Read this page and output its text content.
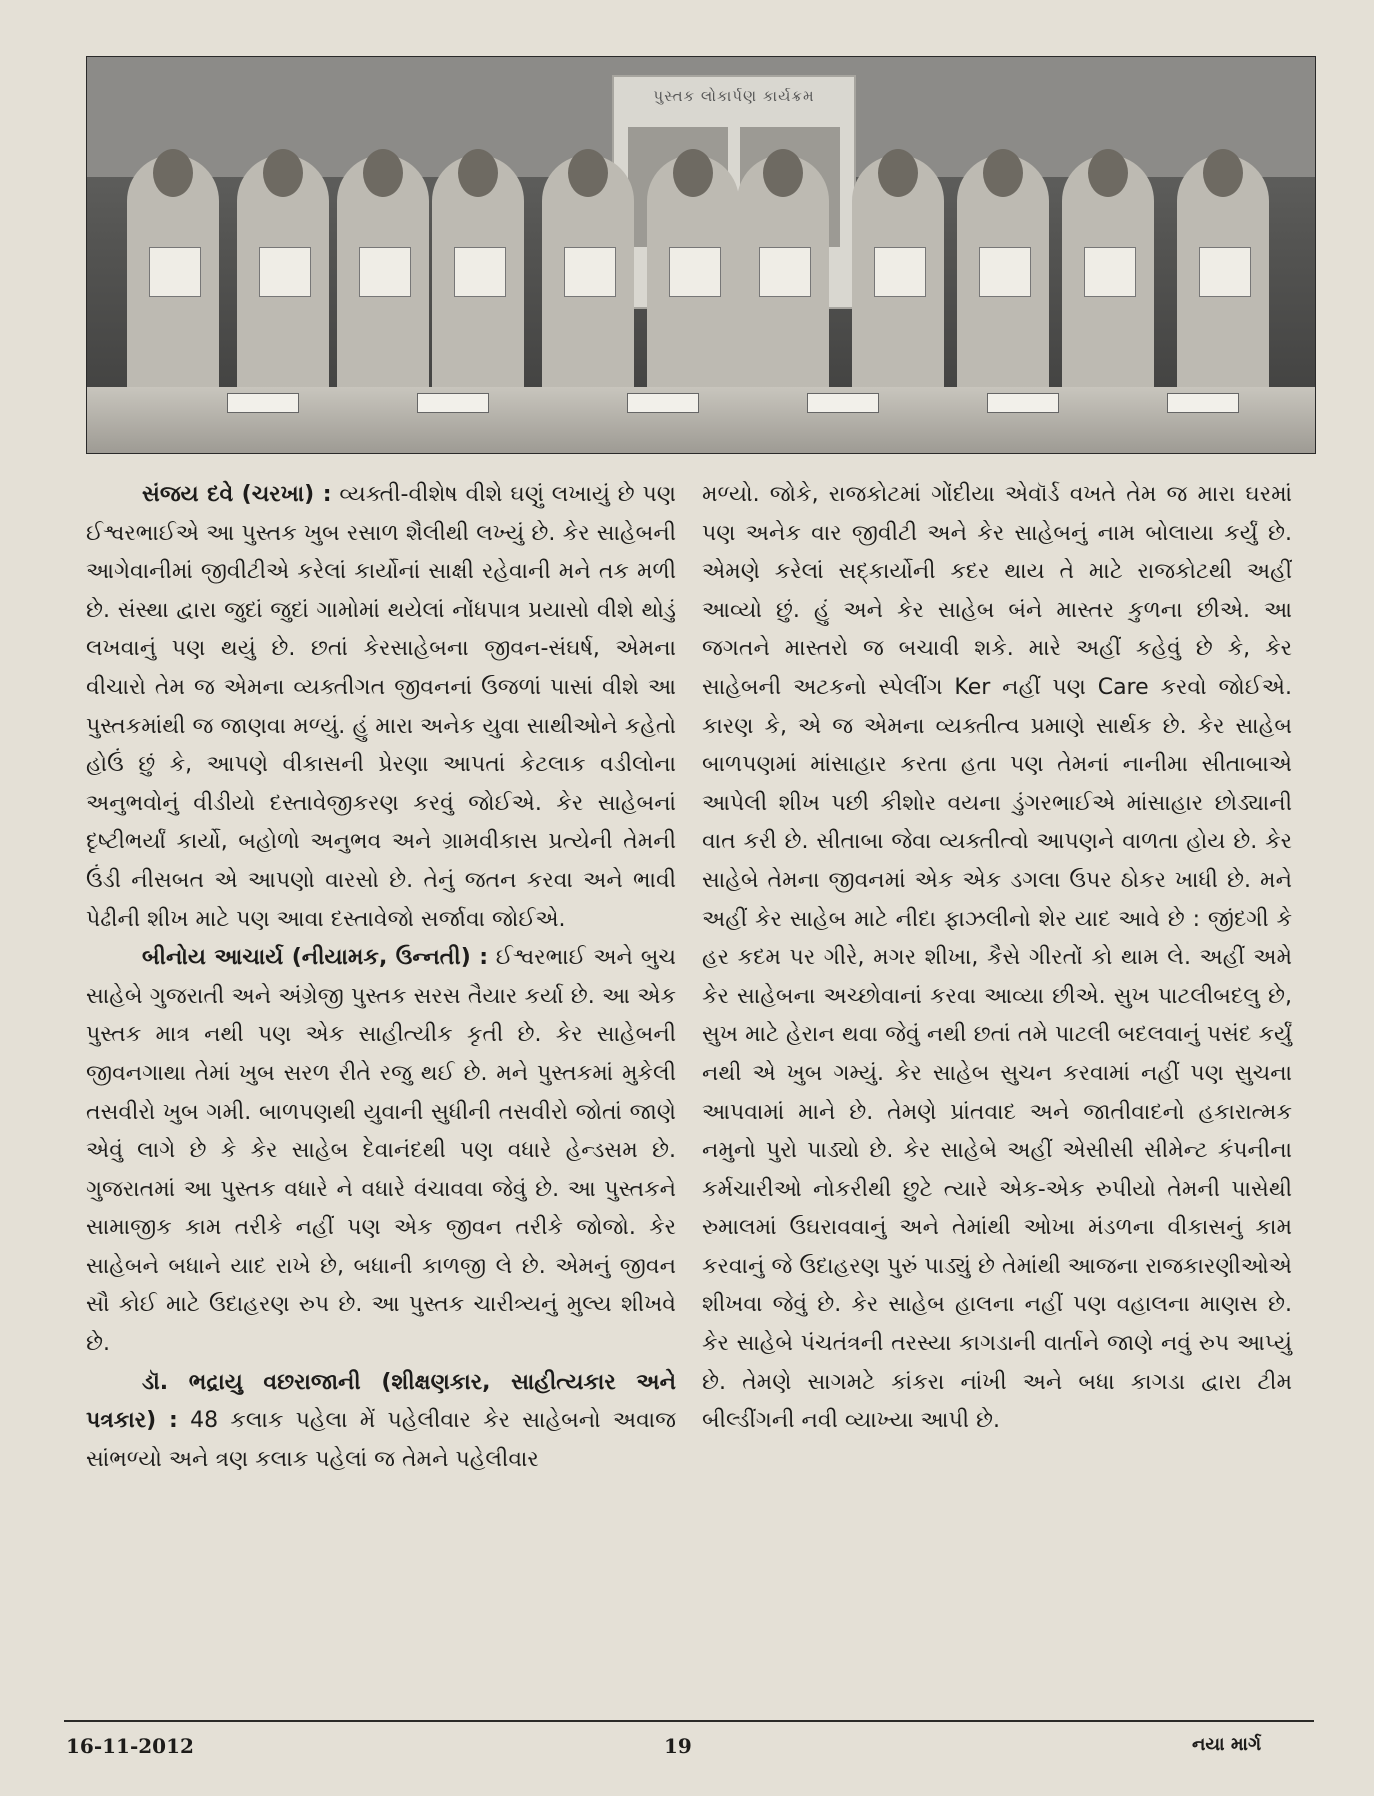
પુસ્તક લોકાર્પણ કાર્યક્રમ

સંજય દવે (ચરખા) : વ્યક્તી-વીશેષ વીશે ઘણું લખાયું છે પણ ઈશ્વરભાઈએ આ પુસ્તક ખુબ રસાળ શૈલીથી લખ્યું છે. કેર સાહેબની આગેવાનીમાં જીવીટીએ કરેલાં કાર્યોનાં સાક્ષી રહેવાની મને તક મળી છે. સંસ્થા દ્વારા જુદાં જુદાં ગામોમાં થયેલાં નોંધપાત્ર પ્રયાસો વીશે થોડું લખવાનું પણ થયું છે. છતાં કેરસાહેબના જીવન-સંઘર્ષ, એમના વીચારો તેમ જ એમના વ્યક્તીગત જીવનનાં ઉજળાં પાસાં વીશે આ પુસ્તકમાંથી જ જાણવા મળ્યું. હું મારા અનેક યુવા સાથીઓને કહેતો હોઉં છું કે, આપણે વીકાસની પ્રેરણા આપતાં કેટલાક વડીલોના અનુભવોનું વીડીયો દસ્તાવેજીકરણ કરવું જોઈએ. કેર સાહેબનાં દૃષ્ટીભર્યાં કાર્યો, બહોળો અનુભવ અને ગ્રામવીકાસ પ્રત્યેની તેમની ઉંડી નીસબત એ આપણો વારસો છે. તેનું જતન કરવા અને ભાવી પેઢીની શીખ માટે પણ આવા દસ્તાવેજો સર્જાવા જોઈએ.

બીનોય આચાર્ય (નીયામક, ઉન્નતી) : ઈશ્વરભાઈ અને બુચ સાહેબે ગુજરાતી અને અંગ્રેજી પુસ્તક સરસ તૈયાર કર્યા છે. આ એક પુસ્તક માત્ર નથી પણ એક સાહીત્યીક કૃતી છે. કેર સાહેબની જીવનગાથા તેમાં ખુબ સરળ રીતે રજુ થઈ છે. મને પુસ્તકમાં મુકેલી તસવીરો ખુબ ગમી. બાળપણથી યુવાની સુધીની તસવીરો જોતાં જાણે એવું લાગે છે કે કેર સાહેબ દેવાનંદથી પણ વધારે હેન્ડસમ છે. ગુજરાતમાં આ પુસ્તક વધારે ને વધારે વંચાવવા જેવું છે. આ પુસ્તકને સામાજીક કામ તરીકે નહીં પણ એક જીવન તરીકે જોજો. કેર સાહેબને બધાને યાદ રાખે છે, બધાની કાળજી લે છે. એમનું જીવન સૌ કોઈ માટે ઉદાહરણ રુપ છે. આ પુસ્તક ચારીત્ર્યનું મુલ્ય શીખવે છે.

ડૉ. ભદ્રાયુ વછરાજાની (શીક્ષણકાર, સાહીત્યકાર અને પત્રકાર) : 48 કલાક પહેલા મેં પહેલીવાર કેર સાહેબનો અવાજ સાંભળ્યો અને ત્રણ કલાક પહેલાં જ તેમને પહેલીવાર

મળ્યો. જોકે, રાજકોટમાં ગોંદીયા એવૉર્ડ વખતે તેમ જ મારા ઘરમાં પણ અનેક વાર જીવીટી અને કેર સાહેબનું નામ બોલાયા કર્યું છે. એમણે કરેલાં સદ્કાર્યોની કદર થાય તે માટે રાજકોટથી અહીં આવ્યો છું. હું અને કેર સાહેબ બંને માસ્તર કુળના છીએ. આ જગતને માસ્તરો જ બચાવી શકે. મારે અહીં કહેવું છે કે, કેર સાહેબની અટકનો સ્પેલીંગ Ker નહીં પણ Care કરવો જોઈએ. કારણ કે, એ જ એમના વ્યક્તીત્વ પ્રમાણે સાર્થક છે. કેર સાહેબ બાળપણમાં માંસાહાર કરતા હતા પણ તેમનાં નાનીમા સીતાબાએ આપેલી શીખ પછી કીશોર વયના ડુંગરભાઈએ માંસાહાર છોડ્યાની વાત કરી છે. સીતાબા જેવા વ્યક્તીત્વો આપણને વાળતા હોય છે. કેર સાહેબે તેમના જીવનમાં એક એક ડગલા ઉપર ઠોકર ખાધી છે. મને અહીં કેર સાહેબ માટે નીદા ફાઝલીનો શેર યાદ આવે છે : જીંદગી કે હર કદમ પર ગીરે, મગર શીખા, કૈસે ગીરતોં કો થામ લે. અહીં અમે કેર સાહેબના અચ્છોવાનાં કરવા આવ્યા છીએ. સુખ પાટલીબદલુ છે, સુખ માટે હેરાન થવા જેવું નથી છતાં તમે પાટલી બદલવાનું પસંદ કર્યું નથી એ ખુબ ગમ્યું. કેર સાહેબ સુચન કરવામાં નહીં પણ સુચના આપવામાં માને છે. તેમણે પ્રાંતવાદ અને જાતીવાદનો હકારાત્મક નમુનો પુરો પાડ્યો છે. કેર સાહેબે અહીં એસીસી સીમેન્ટ કંપનીના કર્મચારીઓ નોકરીથી છુટે ત્યારે એક-એક રુપીયો તેમની પાસેથી રુમાલમાં ઉઘરાવવાનું અને તેમાંથી ઓખા મંડળના વીકાસનું કામ કરવાનું જે ઉદાહરણ પુરું પાડ્યું છે તેમાંથી આજના રાજકારણીઓએ શીખવા જેવું છે. કેર સાહેબ હાલના નહીં પણ વહાલના માણસ છે. કેર સાહેબે પંચતંત્રની તરસ્યા કાગડાની વાર્તાને જાણે નવું રુપ આપ્યું છે. તેમણે સાગમટે કાંકરા નાંખી અને બધા કાગડા દ્વારા ટીમ બીલ્ડીંગની નવી વ્યાખ્યા આપી છે.

16-11-2012	19	નયા માર્ગ
